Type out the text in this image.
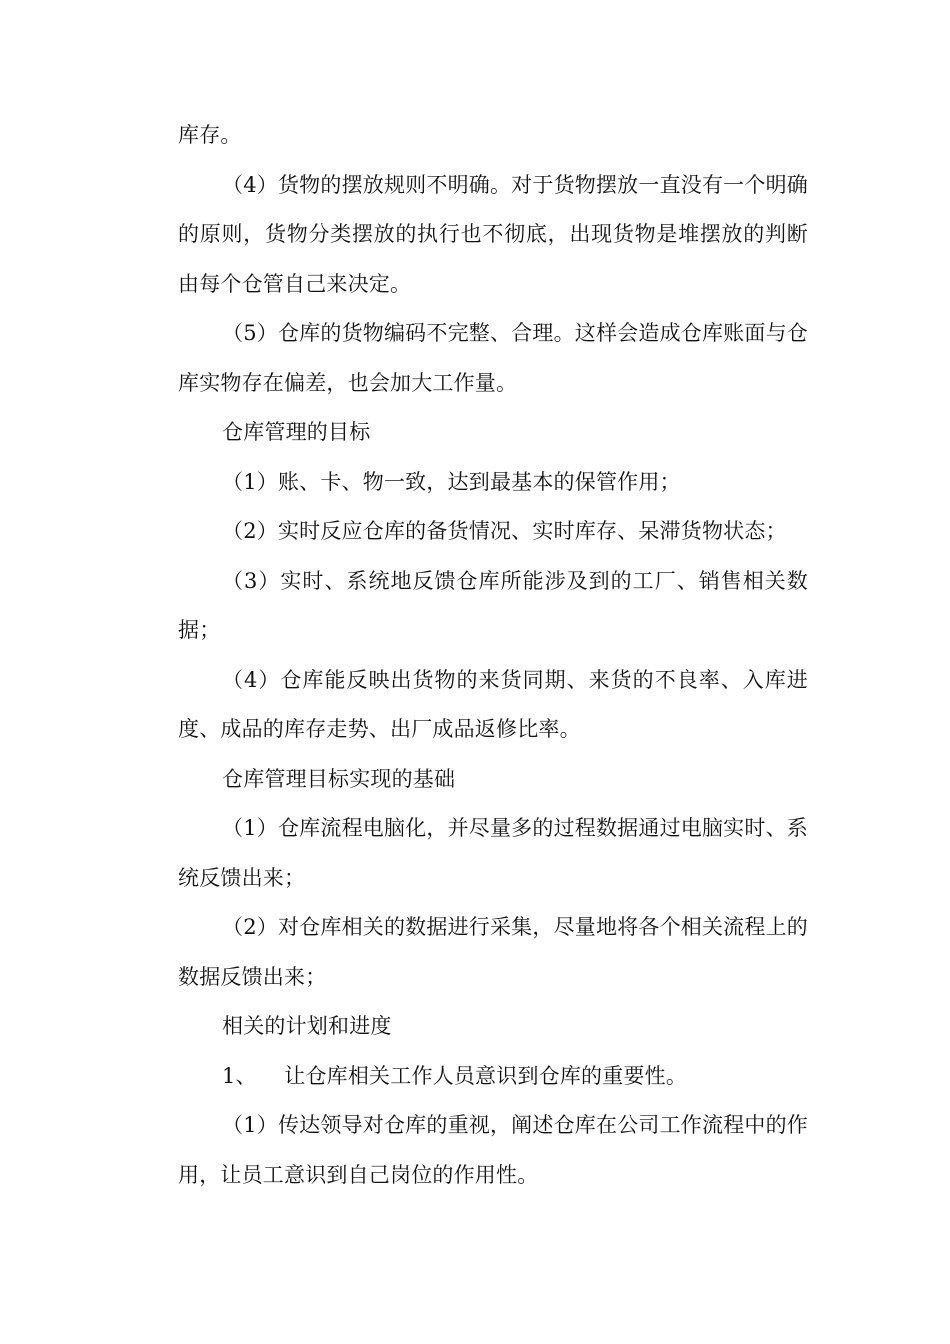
库存。

（4）货物的摆放规则不明确。对于货物摆放一直没有一个明确的原则，货物分类摆放的执行也不彻底，出现货物是堆摆放的判断由每个仓管自己来决定。

（5）仓库的货物编码不完整、合理。这样会造成仓库账面与仓库实物存在偏差，也会加大工作量。

仓库管理的目标

（1）账、卡、物一致，达到最基本的保管作用；

（2）实时反应仓库的备货情况、实时库存、呆滞货物状态；

（3）实时、系统地反馈仓库所能涉及到的工厂、销售相关数据；

（4）仓库能反映出货物的来货同期、来货的不良率、入库进度、成品的库存走势、出厂成品返修比率。

仓库管理目标实现的基础

（1）仓库流程电脑化，并尽量多的过程数据通过电脑实时、系统反馈出来；

（2）对仓库相关的数据进行采集，尽量地将各个相关流程上的数据反馈出来；

相关的计划和进度

1、    让仓库相关工作人员意识到仓库的重要性。

（1）传达领导对仓库的重视，阐述仓库在公司工作流程中的作用，让员工意识到自己岗位的作用性。
